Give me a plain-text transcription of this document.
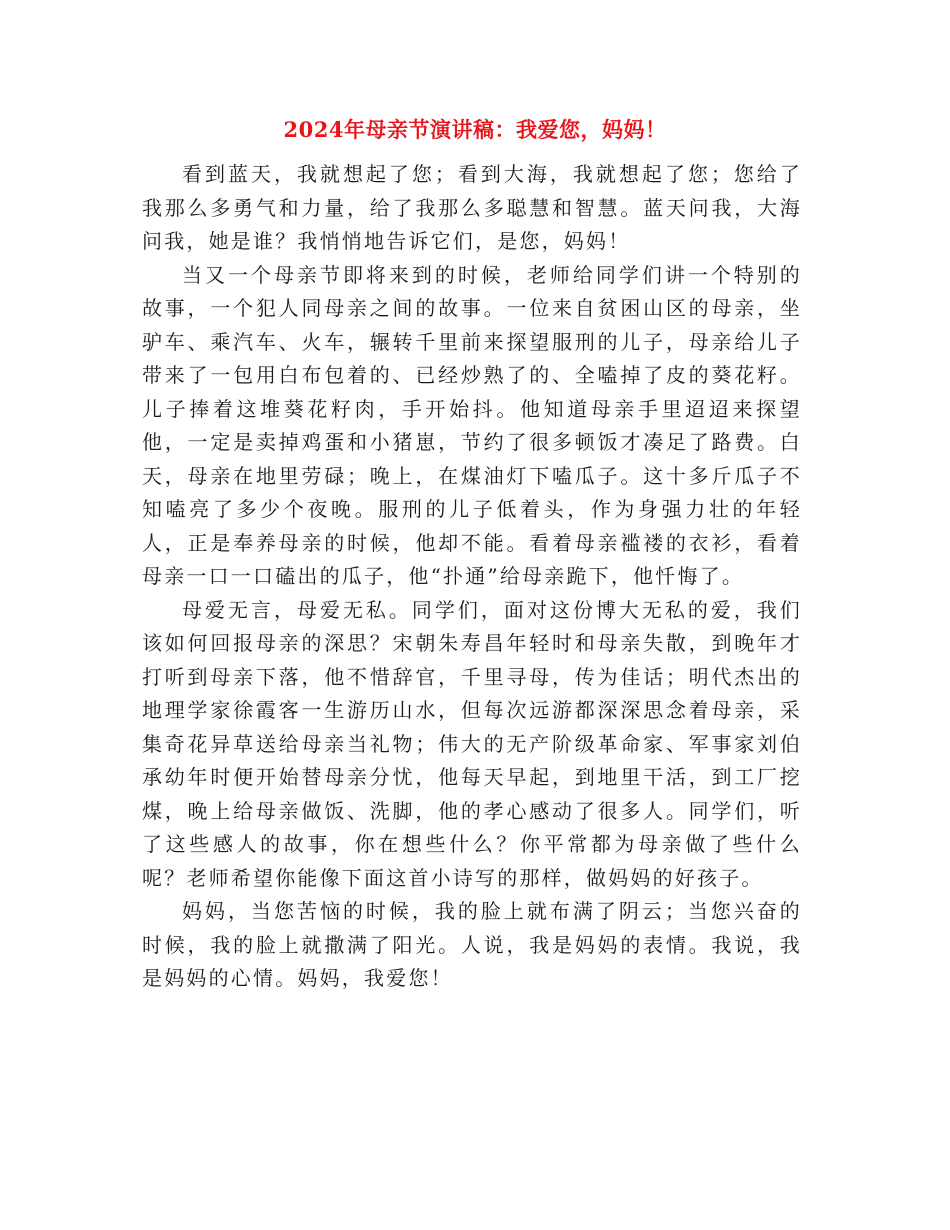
2024年母亲节演讲稿：我爱您，妈妈！

看到蓝天，我就想起了您；看到大海，我就想起了您；您给了我那么多勇气和力量，给了我那么多聪慧和智慧。蓝天问我，大海问我，她是谁？我悄悄地告诉它们，是您，妈妈！

当又一个母亲节即将来到的时候，老师给同学们讲一个特别的故事，一个犯人同母亲之间的故事。一位来自贫困山区的母亲，坐驴车、乘汽车、火车，辗转千里前来探望服刑的儿子，母亲给儿子带来了一包用白布包着的、已经炒熟了的、全嗑掉了皮的葵花籽。儿子捧着这堆葵花籽肉，手开始抖。他知道母亲手里迢迢来探望他，一定是卖掉鸡蛋和小猪崽，节约了很多顿饭才凑足了路费。白天，母亲在地里劳碌；晚上，在煤油灯下嗑瓜子。这十多斤瓜子不知嗑亮了多少个夜晚。服刑的儿子低着头，作为身强力壮的年轻人，正是奉养母亲的时候，他却不能。看着母亲褴褛的衣衫，看着母亲一口一口磕出的瓜子，他“扑通”给母亲跪下，他忏悔了。

母爱无言，母爱无私。同学们，面对这份博大无私的爱，我们该如何回报母亲的深思？宋朝朱寿昌年轻时和母亲失散，到晚年才打听到母亲下落，他不惜辞官，千里寻母，传为佳话；明代杰出的地理学家徐霞客一生游历山水，但每次远游都深深思念着母亲，采集奇花异草送给母亲当礼物；伟大的无产阶级革命家、军事家刘伯承幼年时便开始替母亲分忧，他每天早起，到地里干活，到工厂挖煤，晚上给母亲做饭、洗脚，他的孝心感动了很多人。同学们，听了这些感人的故事，你在想些什么？你平常都为母亲做了些什么呢？老师希望你能像下面这首小诗写的那样，做妈妈的好孩子。

妈妈，当您苦恼的时候，我的脸上就布满了阴云；当您兴奋的时候，我的脸上就撒满了阳光。人说，我是妈妈的表情。我说，我是妈妈的心情。妈妈，我爱您！
